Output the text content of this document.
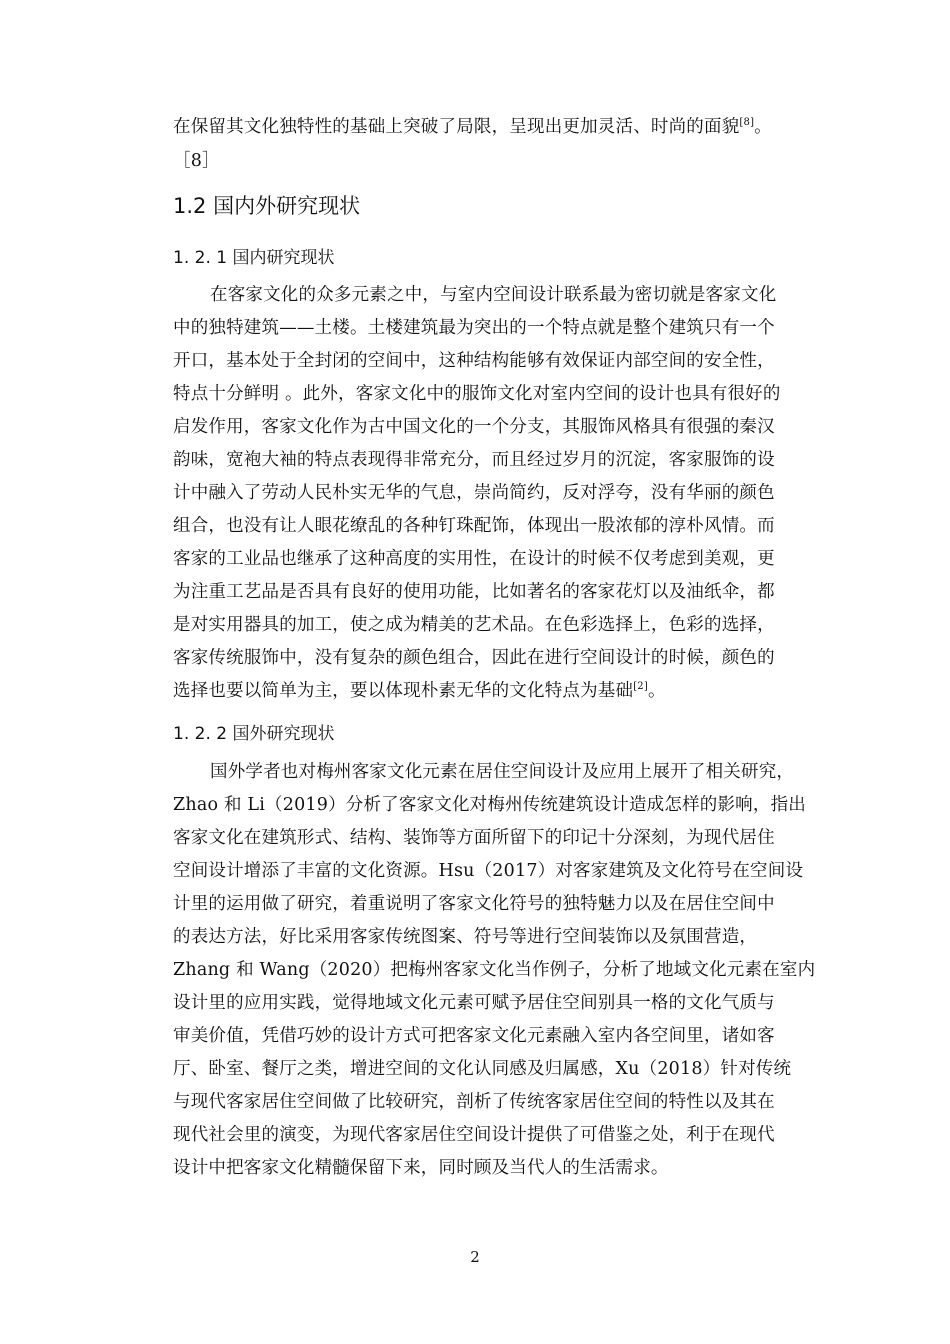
在保留其文化独特性的基础上突破了局限，呈现出更加灵活、时尚的面貌[8]。
［8］
1.2 国内外研究现状
1. 2. 1 国内研究现状
在客家文化的众多元素之中，与室内空间设计联系最为密切就是客家文化
中的独特建筑——土楼。土楼建筑最为突出的一个特点就是整个建筑只有一个
开口，基本处于全封闭的空间中，这种结构能够有效保证内部空间的安全性，
特点十分鲜明 。此外，客家文化中的服饰文化对室内空间的设计也具有很好的
启发作用，客家文化作为古中国文化的一个分支，其服饰风格具有很强的秦汉
韵味，宽袍大袖的特点表现得非常充分，而且经过岁月的沉淀，客家服饰的设
计中融入了劳动人民朴实无华的气息，崇尚简约，反对浮夸，没有华丽的颜色
组合，也没有让人眼花缭乱的各种钉珠配饰，体现出一股浓郁的淳朴风情。而
客家的工业品也继承了这种高度的实用性，在设计的时候不仅考虑到美观，更
为注重工艺品是否具有良好的使用功能，比如著名的客家花灯以及油纸伞，都
是对实用器具的加工，使之成为精美的艺术品。在色彩选择上，色彩的选择，
客家传统服饰中，没有复杂的颜色组合，因此在进行空间设计的时候，颜色的
选择也要以简单为主，要以体现朴素无华的文化特点为基础[2]。
1. 2. 2 国外研究现状
国外学者也对梅州客家文化元素在居住空间设计及应用上展开了相关研究，
Zhao 和 Li（2019）分析了客家文化对梅州传统建筑设计造成怎样的影响，指出
客家文化在建筑形式、结构、装饰等方面所留下的印记十分深刻，为现代居住
空间设计增添了丰富的文化资源。Hsu（2017）对客家建筑及文化符号在空间设
计里的运用做了研究，着重说明了客家文化符号的独特魅力以及在居住空间中
的表达方法，好比采用客家传统图案、符号等进行空间装饰以及氛围营造，
Zhang 和 Wang（2020）把梅州客家文化当作例子，分析了地域文化元素在室内
设计里的应用实践，觉得地域文化元素可赋予居住空间别具一格的文化气质与
审美价值，凭借巧妙的设计方式可把客家文化元素融入室内各空间里，诸如客
厅、卧室、餐厅之类，增进空间的文化认同感及归属感，Xu（2018）针对传统
与现代客家居住空间做了比较研究，剖析了传统客家居住空间的特性以及其在
现代社会里的演变，为现代客家居住空间设计提供了可借鉴之处，利于在现代
设计中把客家文化精髓保留下来，同时顾及当代人的生活需求。
2
